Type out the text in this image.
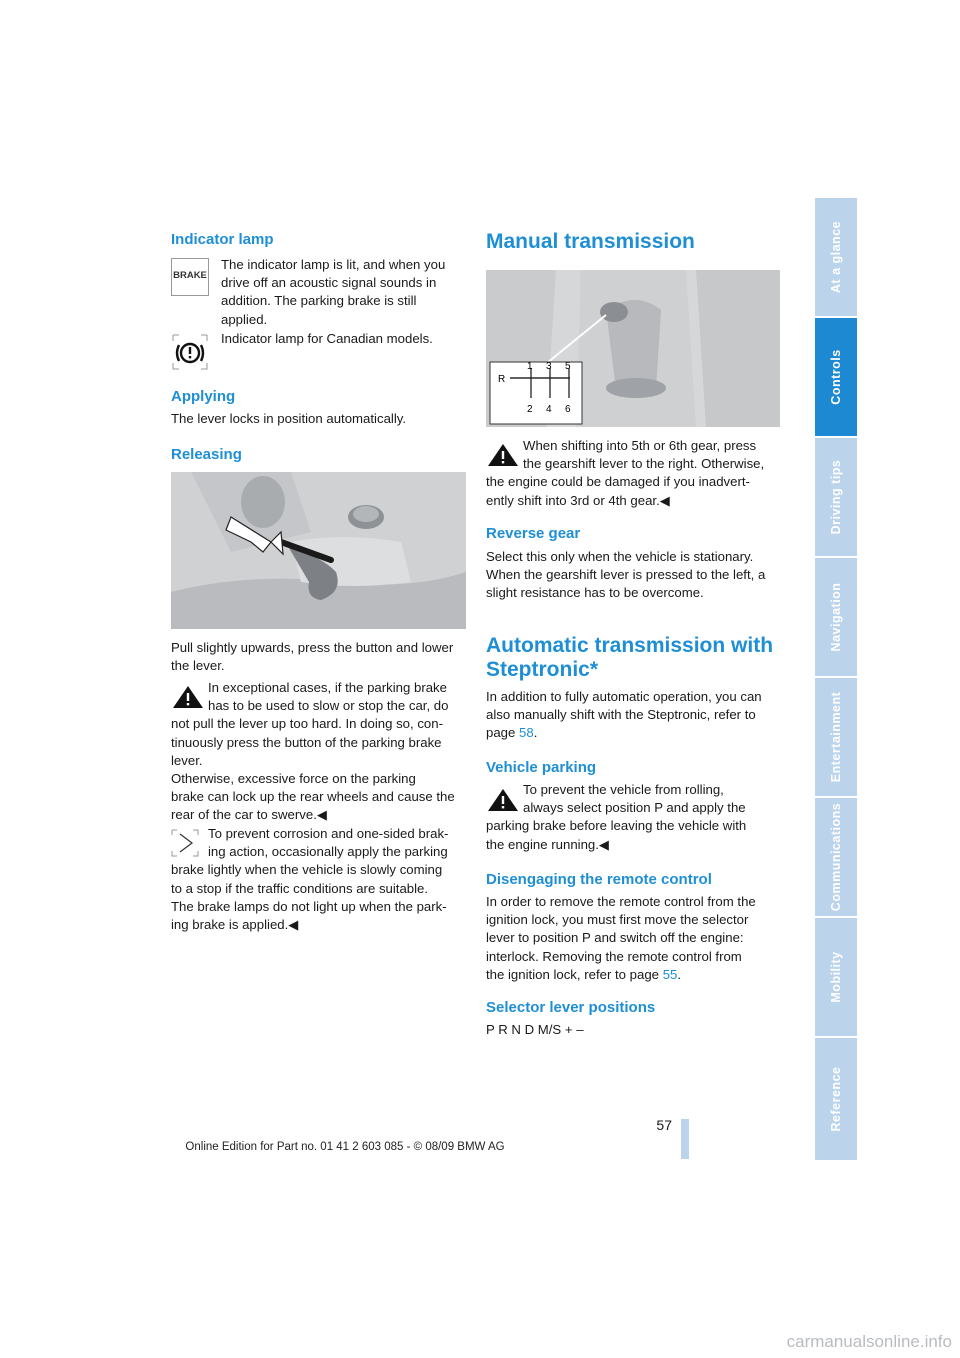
Indicator lamp
BRAKE

The indicator lamp is lit, and when you drive off an acoustic signal sounds in addition. The parking brake is still applied.

Indicator lamp for Canadian models.

Applying

The lever locks in position automatically.

Releasing

Pull slightly upwards, press the button and lower the lever.

In exceptional cases, if the parking brake

has to be used to slow or stop the car, do

not pull the lever up too hard. In doing so, con-

tinuously press the button of the parking brake

lever.

Otherwise, excessive force on the parking

brake can lock up the rear wheels and cause the

rear of the car to swerve.◀

To prevent corrosion and one-sided brak-

ing action, occasionally apply the parking

brake lightly when the vehicle is slowly coming

to a stop if the traffic conditions are suitable.

The brake lamps do not light up when the park-

ing brake is applied.◀

Manual transmission
1 3 5
2 4 6
R

When shifting into 5th or 6th gear, press

the gearshift lever to the right. Otherwise,

the engine could be damaged if you inadvert-

ently shift into 3rd or 4th gear.◀

Reverse gear

Select this only when the vehicle is stationary.

When the gearshift lever is pressed to the left, a

slight resistance has to be overcome.

Automatic transmission with
Steptronic*

In addition to fully automatic operation, you can

also manually shift with the Steptronic, refer to

page 58.

Vehicle parking

To prevent the vehicle from rolling,

always select position P and apply the

parking brake before leaving the vehicle with

the engine running.◀

Disengaging the remote control

In order to remove the remote control from the

ignition lock, you must first move the selector

lever to position P and switch off the engine:

interlock. Removing the remote control from

the ignition lock, refer to page 55.

Selector lever positions

P R N D M/S + –

At a glance
Controls
Driving tips
Navigation
Entertainment
Communications
Mobility
Reference
57
Online Edition for Part no. 01 41 2 603 085 - © 08/09 BMW AG
carmanualsonline.info
